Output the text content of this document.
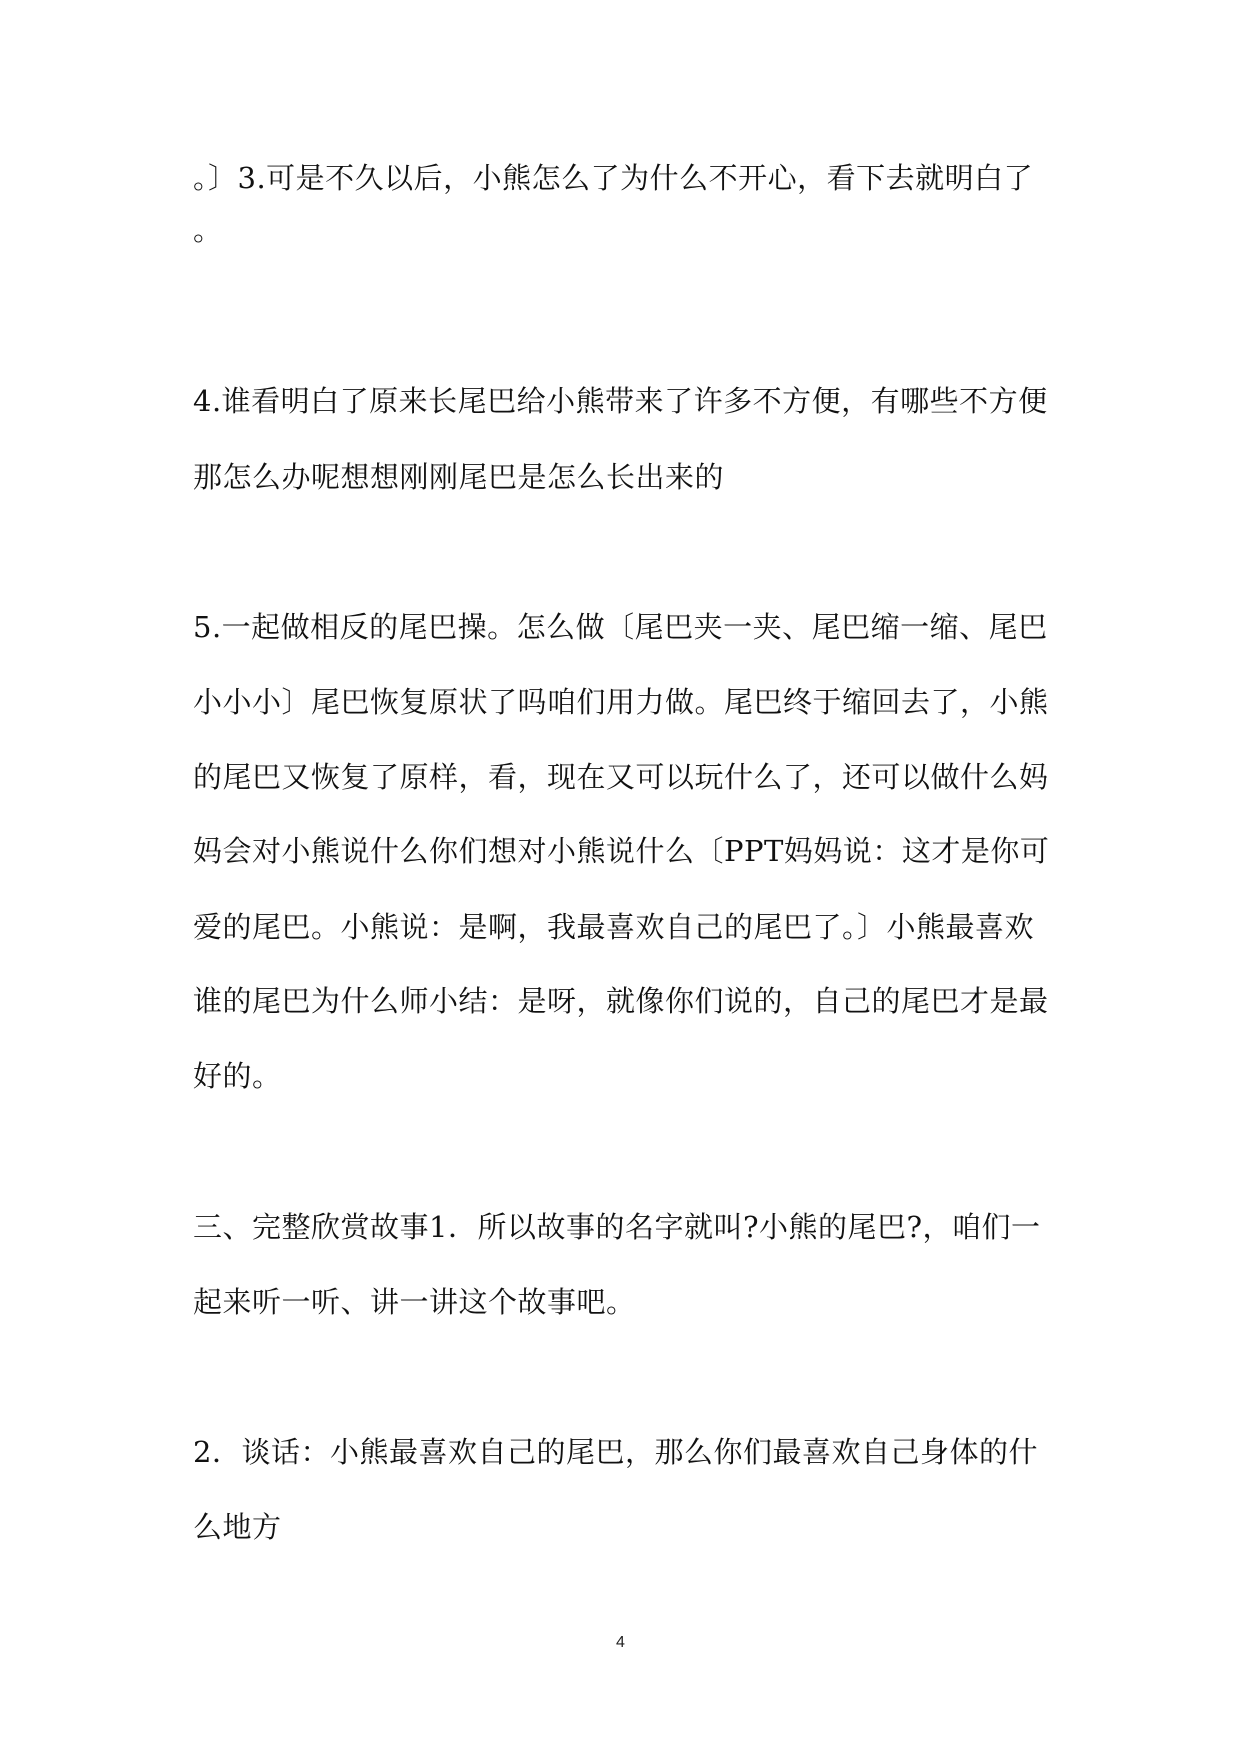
。〕3.可是不久以后，小熊怎么了为什么不开心，看下去就明白了
。
4.谁看明白了原来长尾巴给小熊带来了许多不方便，有哪些不方便
那怎么办呢想想刚刚尾巴是怎么长出来的
5.一起做相反的尾巴操。怎么做〔尾巴夹一夹、尾巴缩一缩、尾巴
小小小〕尾巴恢复原状了吗咱们用力做。尾巴终于缩回去了，小熊
的尾巴又恢复了原样，看，现在又可以玩什么了，还可以做什么妈
妈会对小熊说什么你们想对小熊说什么〔PPT妈妈说：这才是你可
爱的尾巴。小熊说：是啊，我最喜欢自己的尾巴了。〕小熊最喜欢
谁的尾巴为什么师小结：是呀，就像你们说的，自己的尾巴才是最
好的。
三、完整欣赏故事1．所以故事的名字就叫?小熊的尾巴?，咱们一
起来听一听、讲一讲这个故事吧。
2．谈话：小熊最喜欢自己的尾巴，那么你们最喜欢自己身体的什
么地方
4
